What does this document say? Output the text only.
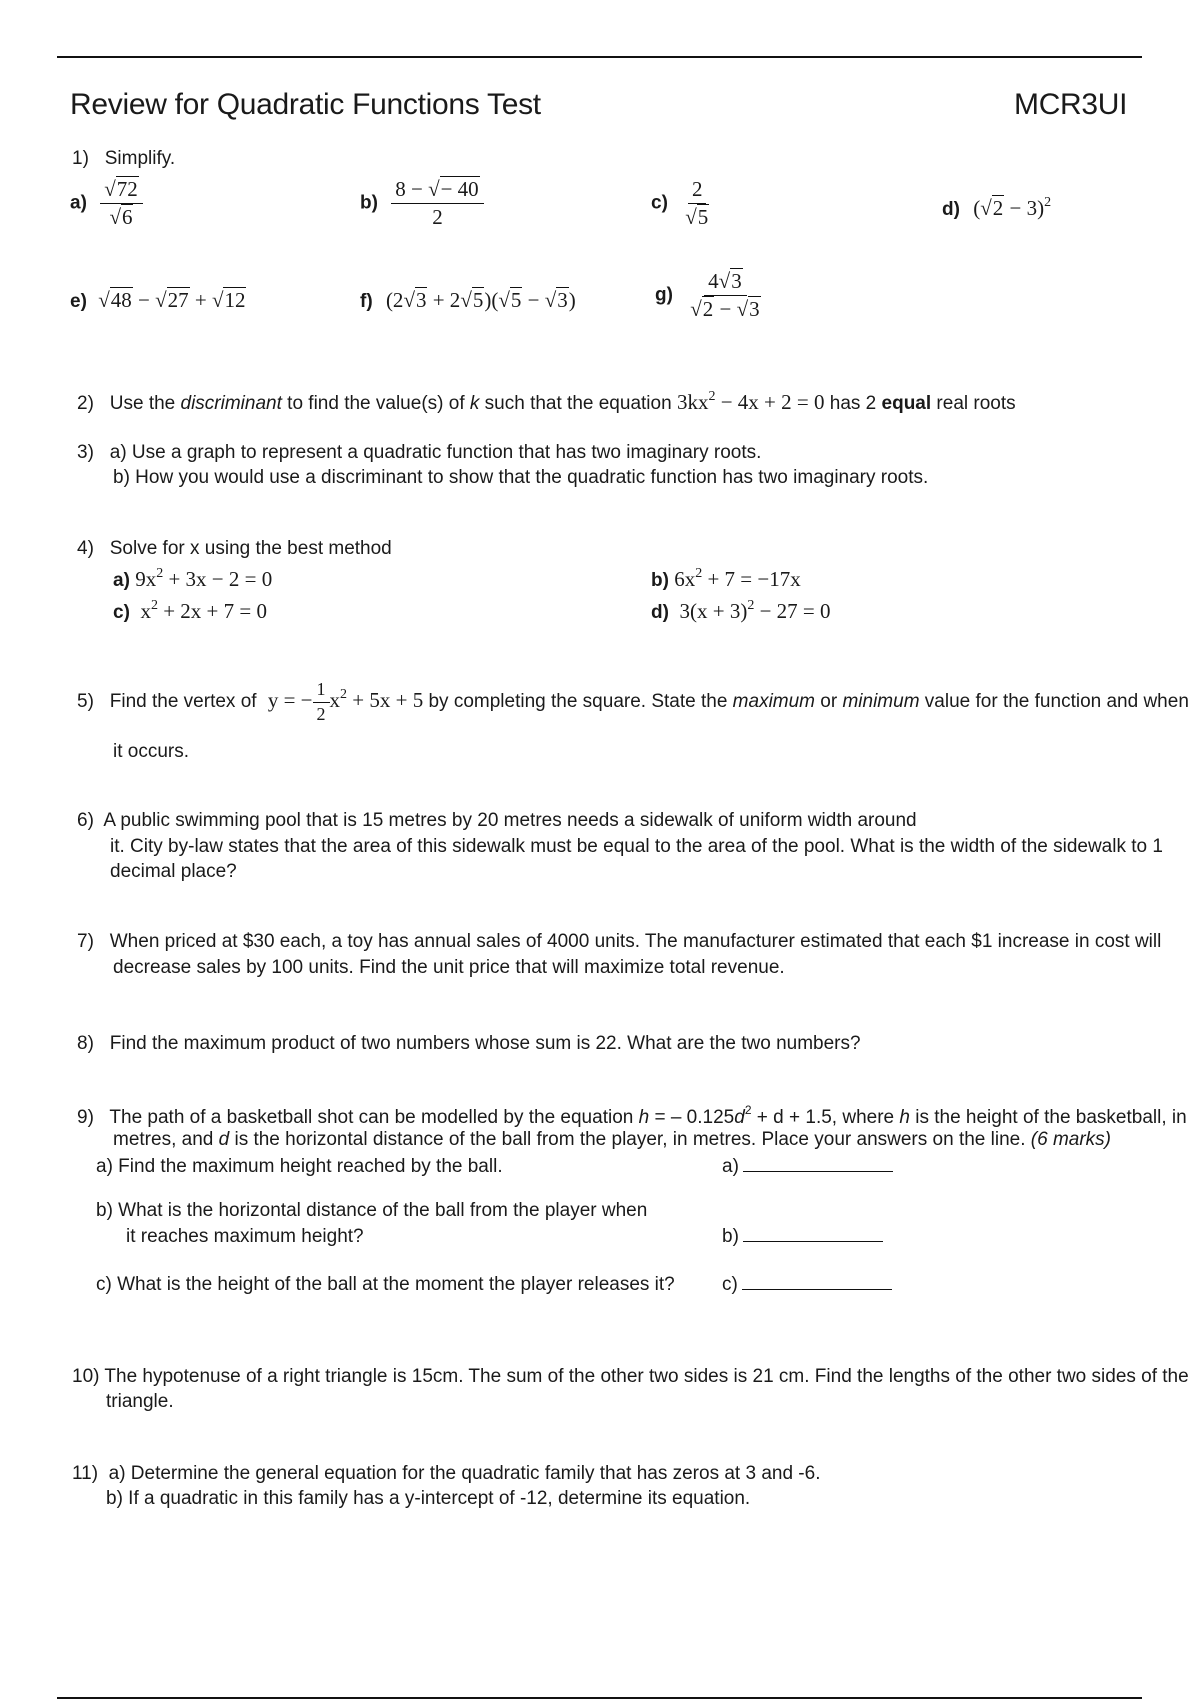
Review for Quadratic Functions Test	MCR3UI
1) Simplify.
$a) \frac{√72}{√6}$	$b) \frac{8 - √- 40}{2}$	$c) \frac{2}{√5}$	d) $(√2 - 3)^2$
e) √48 − √27 + √12	f) (2√3 + 2√5)(√5 − √3)	$g) \frac{4√3}{√2 - √3}$
2) Use the discriminant to find the value(s) of k such that the equation $3kx^2 - 4x + 2 = 0$ has 2 equal real roots
3) a) Use a graph to represent a quadratic function that has two imaginary roots.
b) How you would use a discriminant to show that the quadratic function has two imaginary roots.
4) Solve for x using the best method
a) $9x^2 + 3x - 2 = 0$	b) $6x^2 + 7 = -17x$
c) $x^2 + 2x + 7 = 0$	d) $3(x + 3)^2 - 27 = 0$
5) Find the vertex of y = − $\frac{1}{2} x^2 + 5x + 5$ by completing the square. State the maximum or minimum value for the function and when
it occurs.
6) A public swimming pool that is 15 metres by 20 metres needs a sidewalk of uniform width around
it. City by-law states that the area of this sidewalk must be equal to the area of the pool. What is the width of the sidewalk to 1
decimal place?
7) When priced at $30 each, a toy has annual sales of 4000 units. The manufacturer estimated that each $1 increase in cost will
decrease sales by 100 units. Find the unit price that will maximize total revenue.
8) Find the maximum product of two numbers whose sum is 22. What are the two numbers?
9) The path of a basketball shot can be modelled by the equation h = – $0.125d^2 + d + 1.5$, where h is the height of the basketball, in
metres, and d is the horizontal distance of the ball from the player, in metres. Place your answers on the line. (6 marks)
a) Find the maximum height reached by the ball.	a)
b) What is the horizontal distance of the ball from the player when
it reaches maximum height?	b)
c) What is the height of the ball at the moment the player releases it? c)
10) The hypotenuse of a right triangle is 15cm. The sum of the other two sides is 21 cm. Find the lengths of the other two sides of the
triangle.
11) a) Determine the general equation for the quadratic family that has zeros at 3 and -6.
b) If a quadratic in this family has a y-intercept of -12, determine its equation.
